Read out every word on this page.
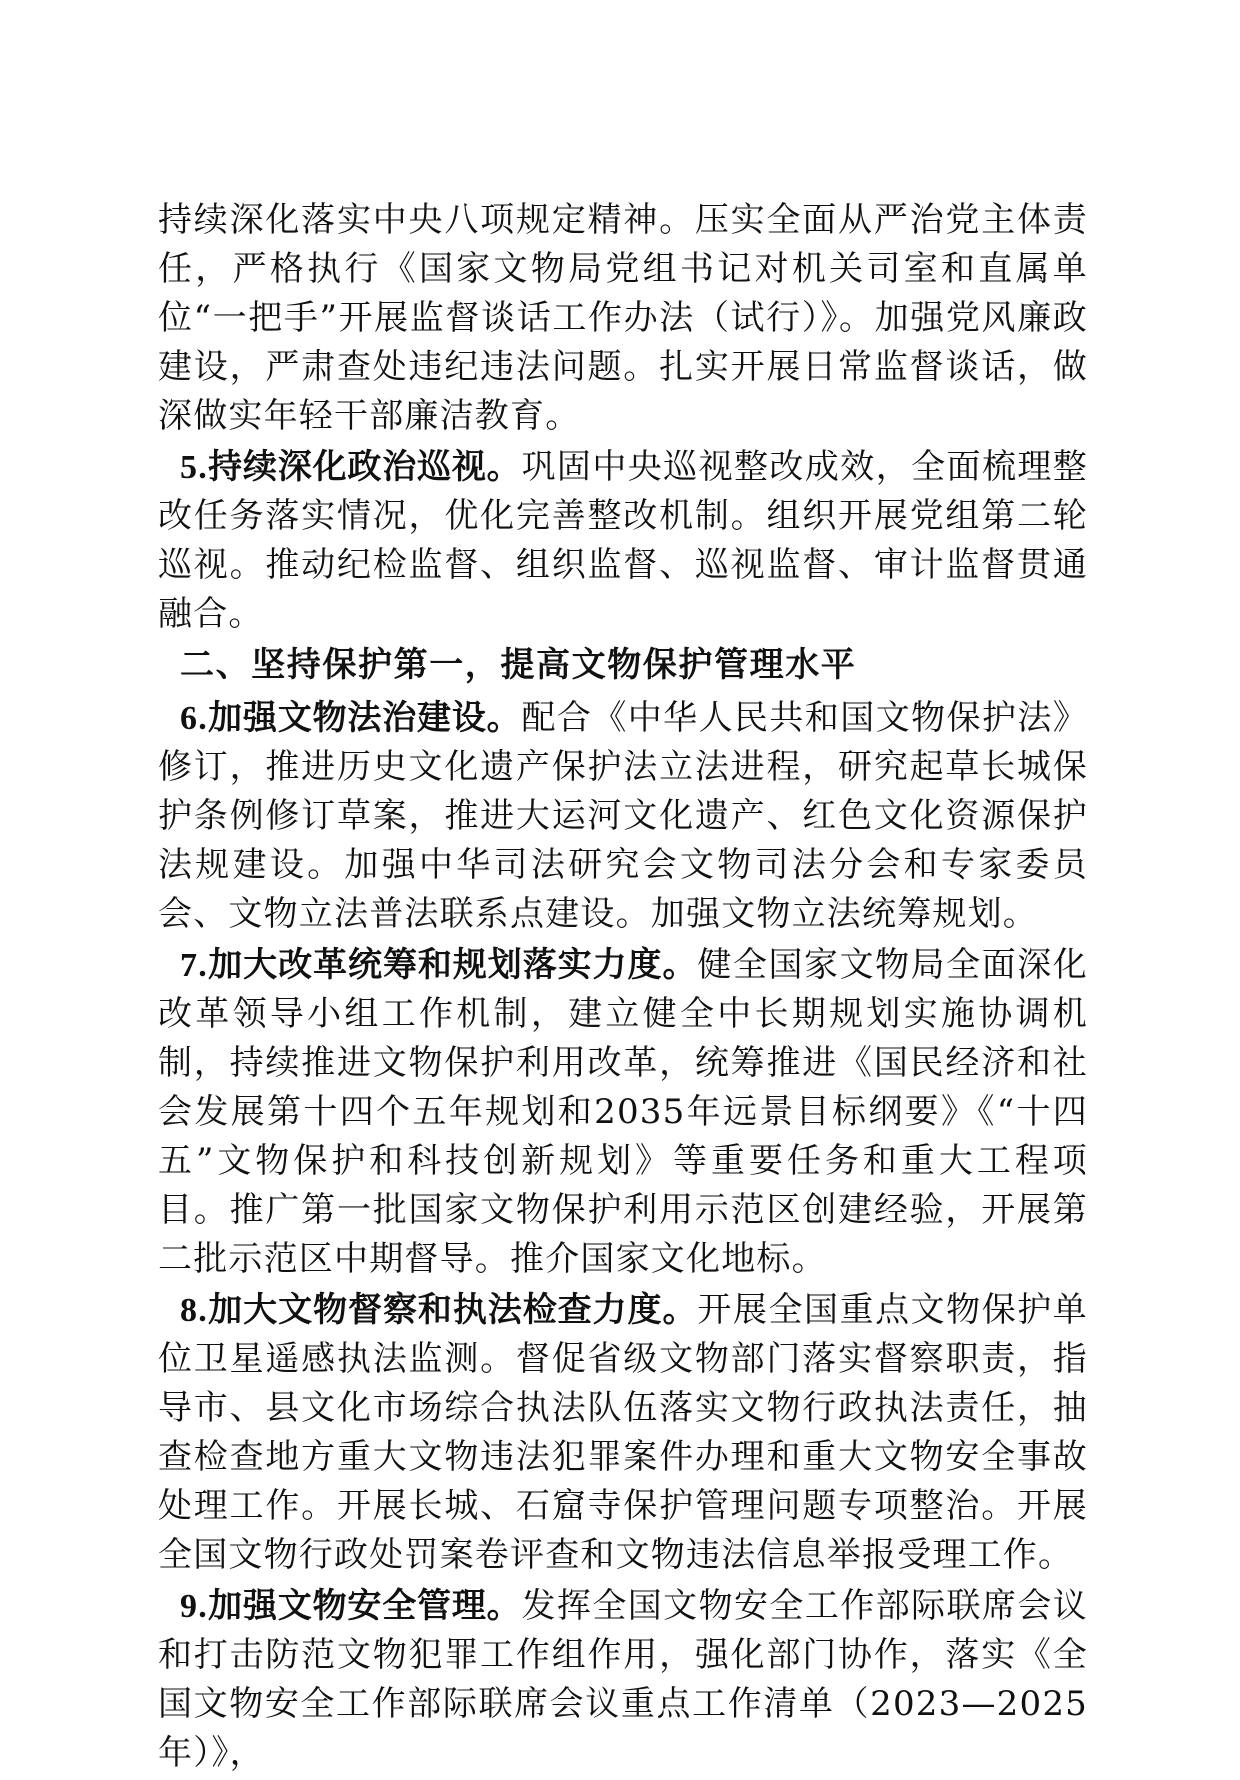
持续深化落实中央八项规定精神。压实全面从严治党主体责任，严格执行《国家文物局党组书记对机关司室和直属单位“一把手”开展监督谈话工作办法（试行）》。加强党风廉政建设，严肃查处违纪违法问题。扎实开展日常监督谈话，做深做实年轻干部廉洁教育。

5.持续深化政治巡视。巩固中央巡视整改成效，全面梳理整改任务落实情况，优化完善整改机制。组织开展党组第二轮巡视。推动纪检监督、组织监督、巡视监督、审计监督贯通融合。

二、坚持保护第一，提高文物保护管理水平

6.加强文物法治建设。配合《中华人民共和国文物保护法》修订，推进历史文化遗产保护法立法进程，研究起草长城保护条例修订草案，推进大运河文化遗产、红色文化资源保护法规建设。加强中华司法研究会文物司法分会和专家委员会、文物立法普法联系点建设。加强文物立法统筹规划。

7.加大改革统筹和规划落实力度。健全国家文物局全面深化改革领导小组工作机制，建立健全中长期规划实施协调机制，持续推进文物保护利用改革，统筹推进《国民经济和社会发展第十四个五年规划和2035年远景目标纲要》《“十四五”文物保护和科技创新规划》等重要任务和重大工程项目。推广第一批国家文物保护利用示范区创建经验，开展第二批示范区中期督导。推介国家文化地标。

8.加大文物督察和执法检查力度。开展全国重点文物保护单位卫星遥感执法监测。督促省级文物部门落实督察职责，指导市、县文化市场综合执法队伍落实文物行政执法责任，抽查检查地方重大文物违法犯罪案件办理和重大文物安全事故处理工作。开展长城、石窟寺保护管理问题专项整治。开展全国文物行政处罚案卷评查和文物违法信息举报受理工作。

9.加强文物安全管理。发挥全国文物安全工作部际联席会议和打击防范文物犯罪工作组作用，强化部门协作，落实《全国文物安全工作部际联席会议重点工作清单（2023—2025年）》，
